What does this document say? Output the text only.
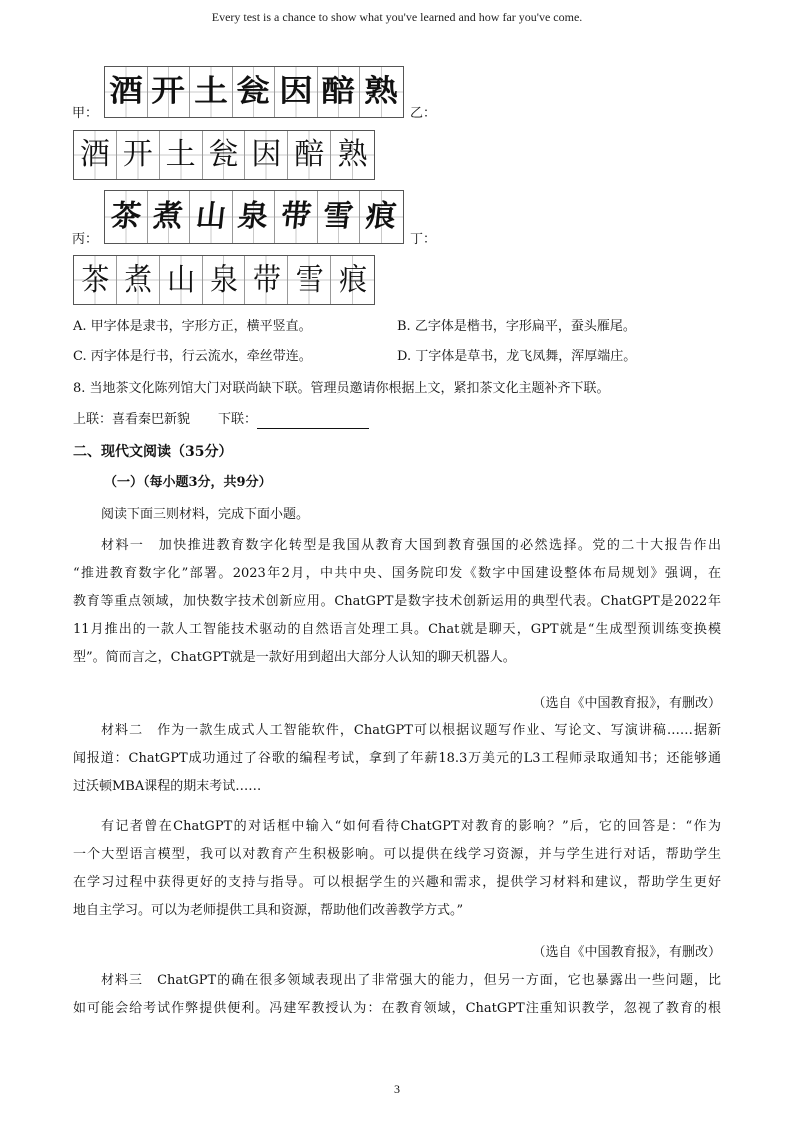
Every test is a chance to show what you've learned and how far you've come.
甲：
酒 开 土 瓮 因 醅 熟
乙：
酒 开 土 瓮 因 醅 熟
丙：
茶 煮 山 泉 带 雪 痕
丁：
茶 煮 山 泉 带 雪 痕
A. 甲字体是隶书，字形方正，横平竖直。	B. 乙字体是楷书，字形扁平，蚕头雁尾。
C. 丙字体是行书，行云流水，牵丝带连。	D. 丁字体是草书，龙飞凤舞，浑厚端庄。
8. 当地茶文化陈列馆大门对联尚缺下联。管理员邀请你根据上文，紧扣茶文化主题补齐下联。
上联：喜看秦巴新貌 下联：
二、现代文阅读（35分）
（一）（每小题3分，共9分）
阅读下面三则材料，完成下面小题。
材料一　加快推进教育数字化转型是我国从教育大国到教育强国的必然选择。党的二十大报告作出
“推进教育数字化”部署。2023年2月，中共中央、国务院印发《数字中国建设整体布局规划》强调，在
教育等重点领域，加快数字技术创新应用。ChatGPT是数字技术创新运用的典型代表。ChatGPT是2022年
11月推出的一款人工智能技术驱动的自然语言处理工具。Chat就是聊天，GPT就是“生成型预训练变换模
型”。简而言之，ChatGPT就是一款好用到超出大部分人认知的聊天机器人。
（选自《中国教育报》，有删改）
材料二　作为一款生成式人工智能软件，ChatGPT可以根据议题写作业、写论文、写演讲稿……据新
闻报道：ChatGPT成功通过了谷歌的编程考试，拿到了年薪18.3万美元的L3工程师录取通知书；还能够通
过沃顿MBA课程的期末考试……
有记者曾在ChatGPT的对话框中输入“如何看待ChatGPT对教育的影响？”后，它的回答是：“作为
一个大型语言模型，我可以对教育产生积极影响。可以提供在线学习资源，并与学生进行对话，帮助学生
在学习过程中获得更好的支持与指导。可以根据学生的兴趣和需求，提供学习材料和建议，帮助学生更好
地自主学习。可以为老师提供工具和资源，帮助他们改善教学方式。”
（选自《中国教育报》，有删改）
材料三　ChatGPT的确在很多领域表现出了非常强大的能力，但另一方面，它也暴露出一些问题，比
如可能会给考试作弊提供便利。冯建军教授认为：在教育领域，ChatGPT注重知识教学，忽视了教育的根
3
